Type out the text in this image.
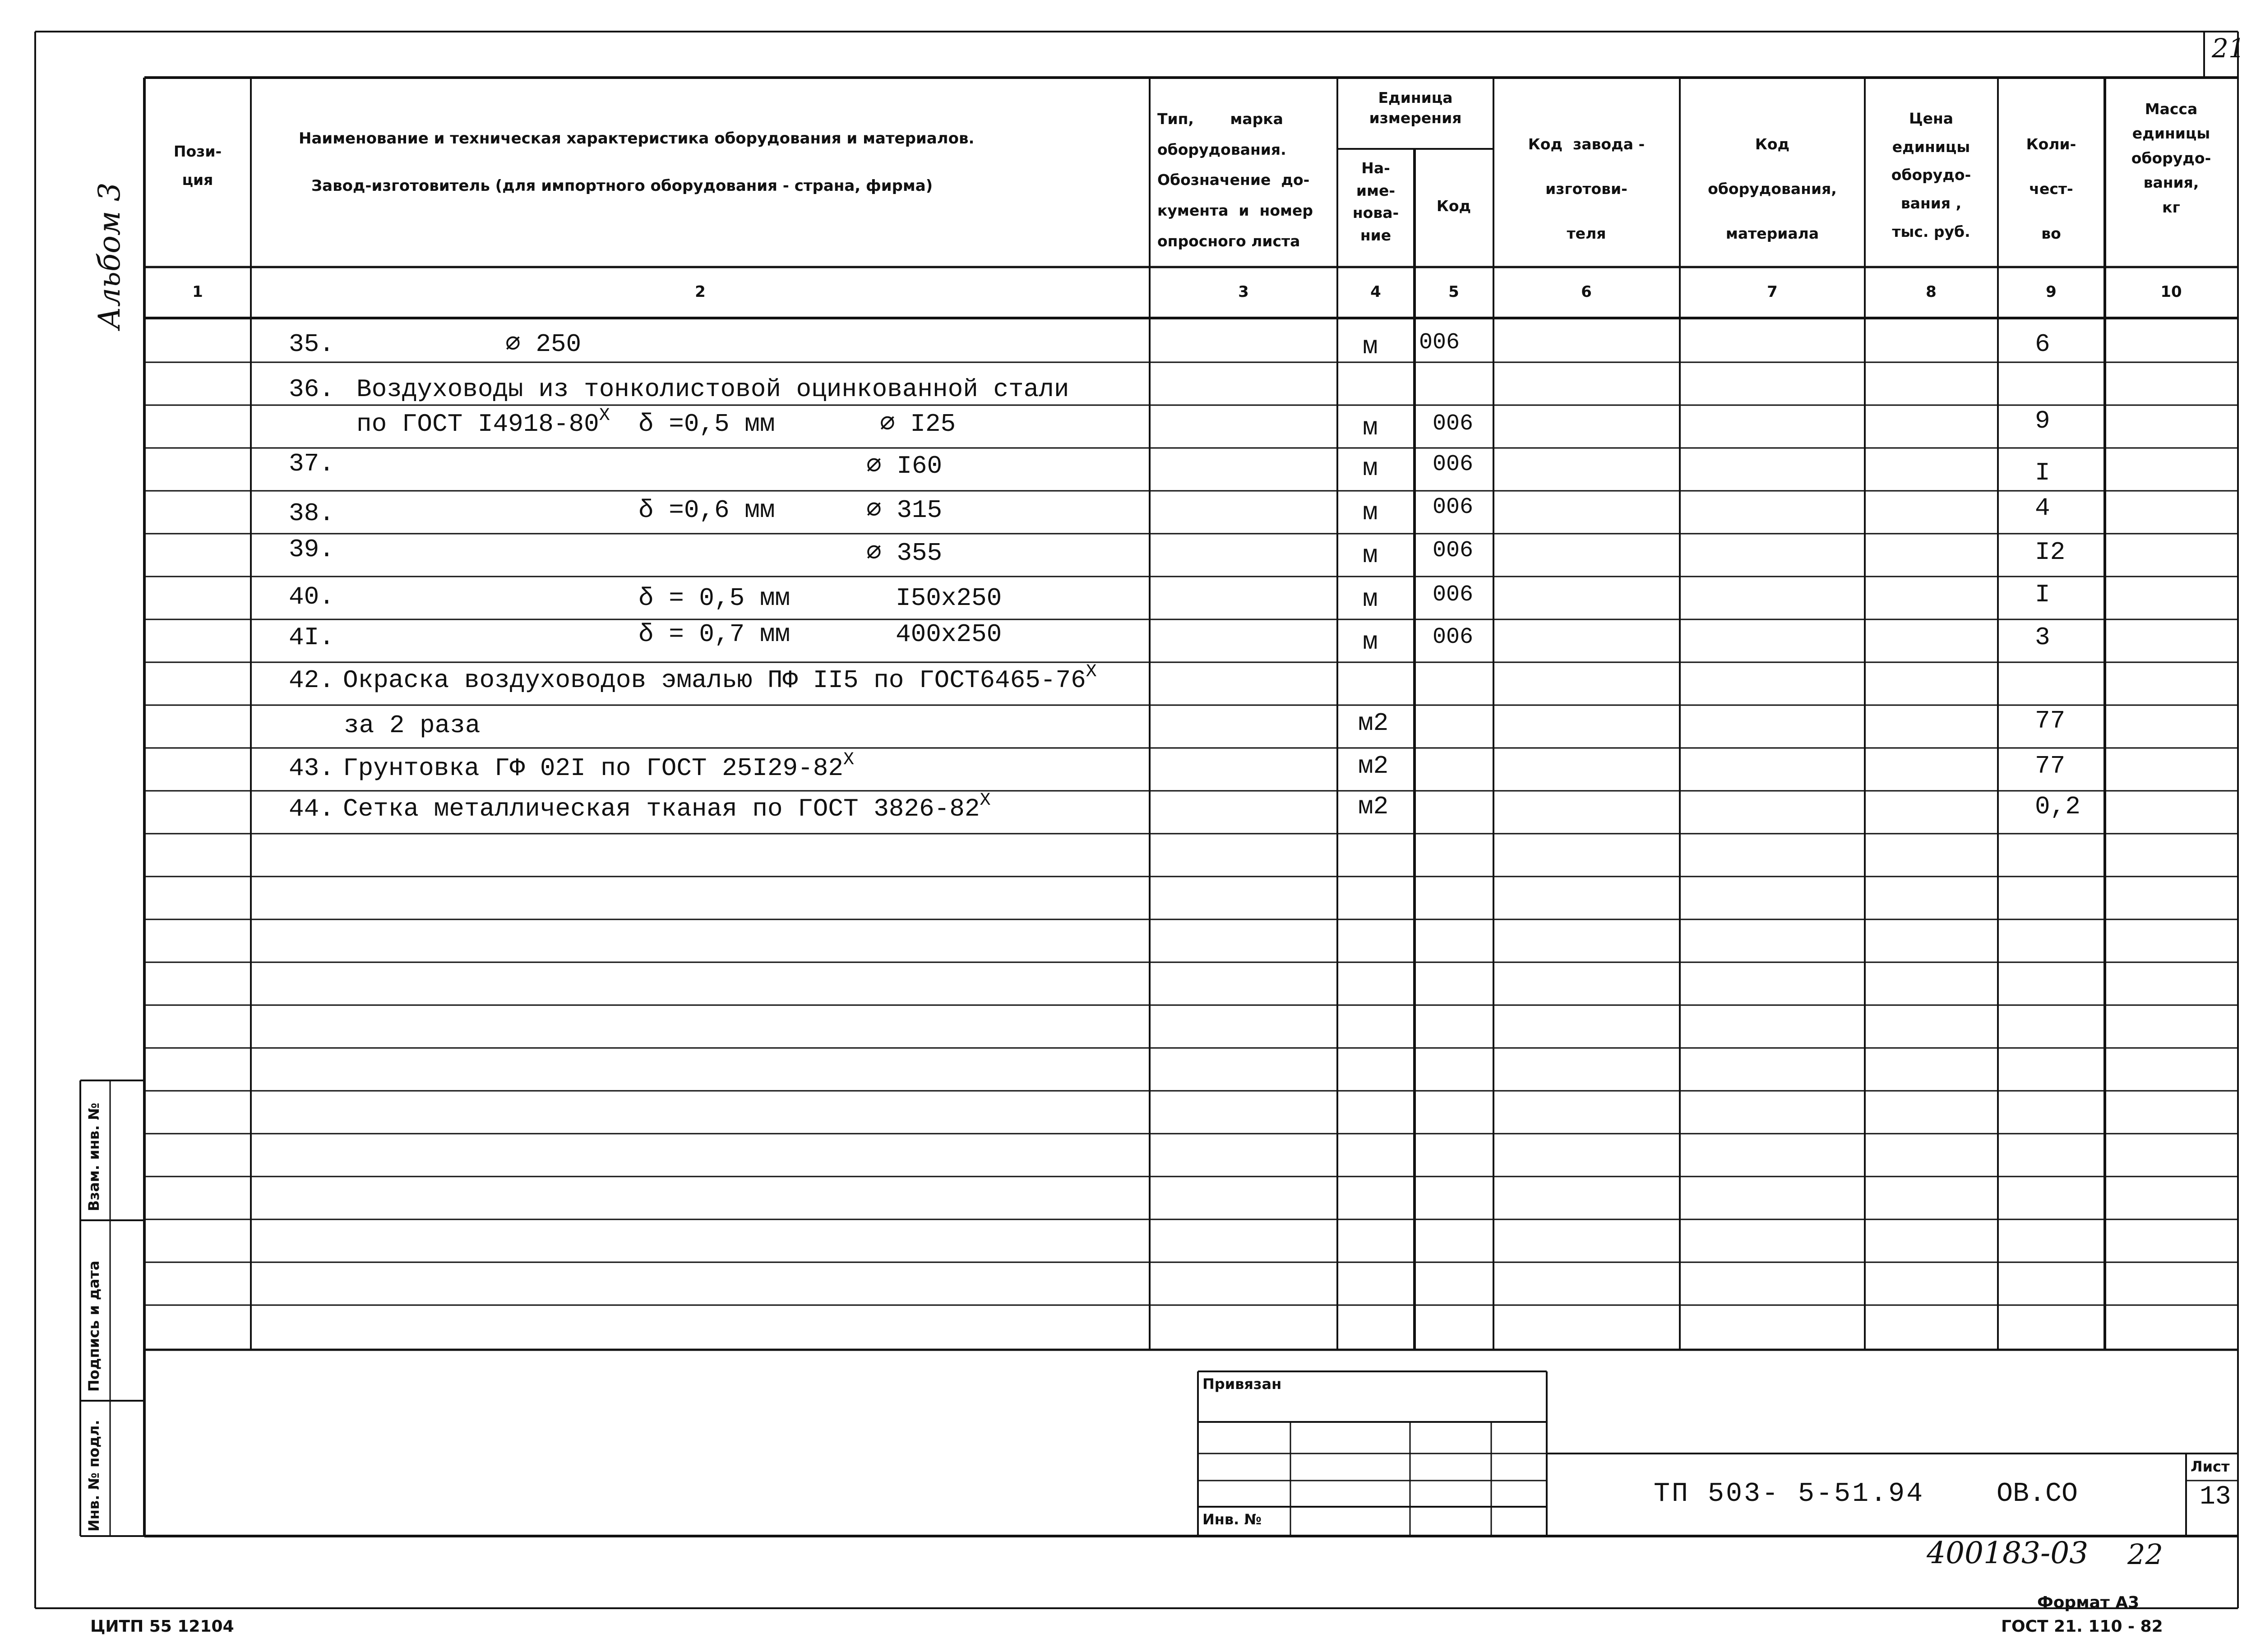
21
Альбом 3
Пози-
ция
Наименование и техническая характеристика оборудования и материалов.
Завод-изготовитель (для импортного оборудования - страна, фирма)
Тип,       марка
оборудования.
Обозначение  до-
кумента  и  номер
опросного листа
Единица
измерения
На-
име-
нова-
ние
Код
Код  завода -
изготови-
теля
Код
оборудования,
материала
Цена
единицы
оборудо-
вания ,
тыс. руб.
Коли-
чест-
во
Масса
единицы
оборудо-
вания,
кг
1	2	3	4	5	6	7	8	9	10
35.	∅ 250	м 006	6
36. Воздуховоды из тонколистовой оцинкованной стали
по ГОСТ $I4918-80^X$ δ =0,5 мм	∅ I25	м 006	9
37.	∅ I60	м 006	I
38.	δ =0,6 мм	∅ 315	м 006	4
39.	∅ 355	м 006	I2
40.	δ = 0,5 мм	I50x250	м 006	I
4I.	δ = 0,7 мм	400x250	м 006	3
42. Окраска воздуховодов эмалью ПФ II5 по $ГОСТ6465-76^X$
за 2 раза	м2	77
43. Грунтовка ГФ 02I по ГОСТ $25I29-82^X$	м2	77
44. Сетка металлическая тканая по ГОСТ $3826-82^X$	м2	0,2
Взам. инв. №
Подпись и дата
Инв. № подл.
Привязан
Инв. №
ТП 503- 5-51.94	ОВ.СО
Лист
13
400183-03 22
ЦИТП 55 12104
Формат А3
ГОСТ 21. 110 - 82
